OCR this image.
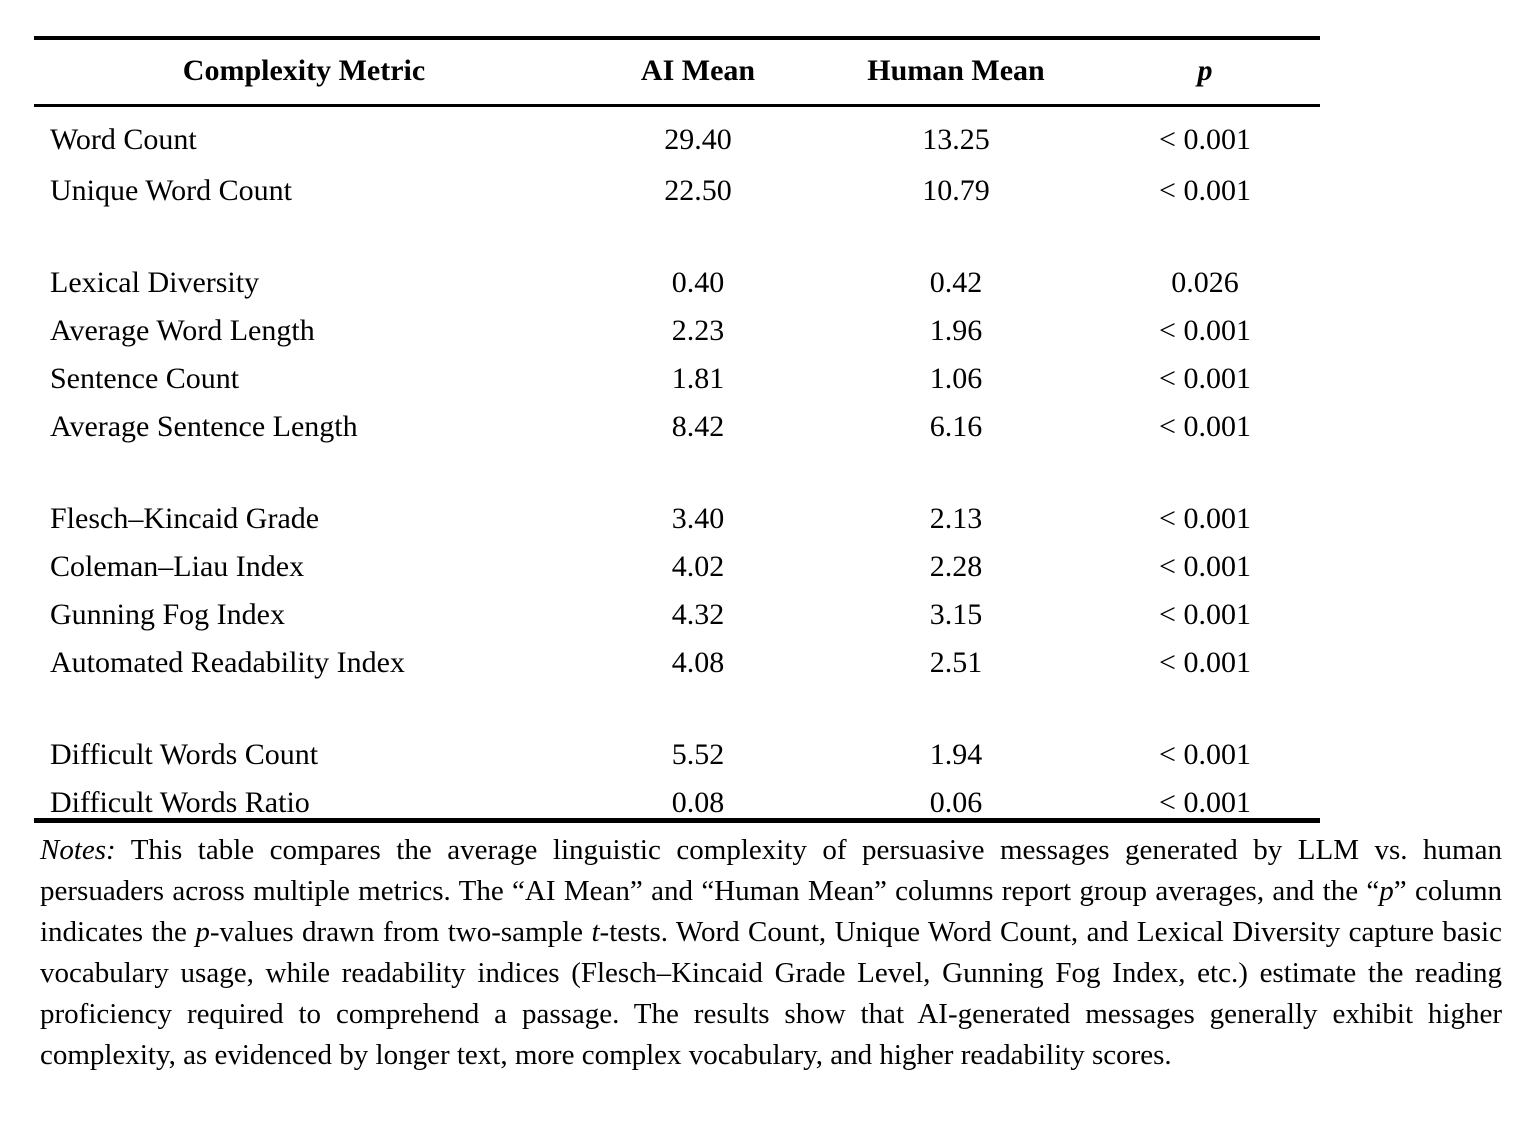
Complexity Metric	AI Mean	Human Mean	p
Word Count	29.40	13.25	< 0.001
Unique Word Count	22.50	10.79	< 0.001

Lexical Diversity	0.40	0.42	0.026
Average Word Length	2.23	1.96	< 0.001
Sentence Count	1.81	1.06	< 0.001
Average Sentence Length	8.42	6.16	< 0.001

Flesch–Kincaid Grade	3.40	2.13	< 0.001
Coleman–Liau Index	4.02	2.28	< 0.001
Gunning Fog Index	4.32	3.15	< 0.001
Automated Readability Index	4.08	2.51	< 0.001

Difficult Words Count	5.52	1.94	< 0.001
Difficult Words Ratio	0.08	0.06	< 0.001
Notes: This table compares the average linguistic complexity of persuasive messages generated by LLM vs. human persuaders across multiple metrics. The “AI Mean” and “Human Mean” columns report group averages, and the “p” column indicates the p-values drawn from two-sample t-tests. Word Count, Unique Word Count, and Lexical Diversity capture basic vocabulary usage, while readability indices (Flesch–Kincaid Grade Level, Gunning Fog Index, etc.) estimate the reading proficiency required to comprehend a passage. The results show that AI-generated messages generally exhibit higher complexity, as evidenced by longer text, more complex vocabulary, and higher readability scores.
